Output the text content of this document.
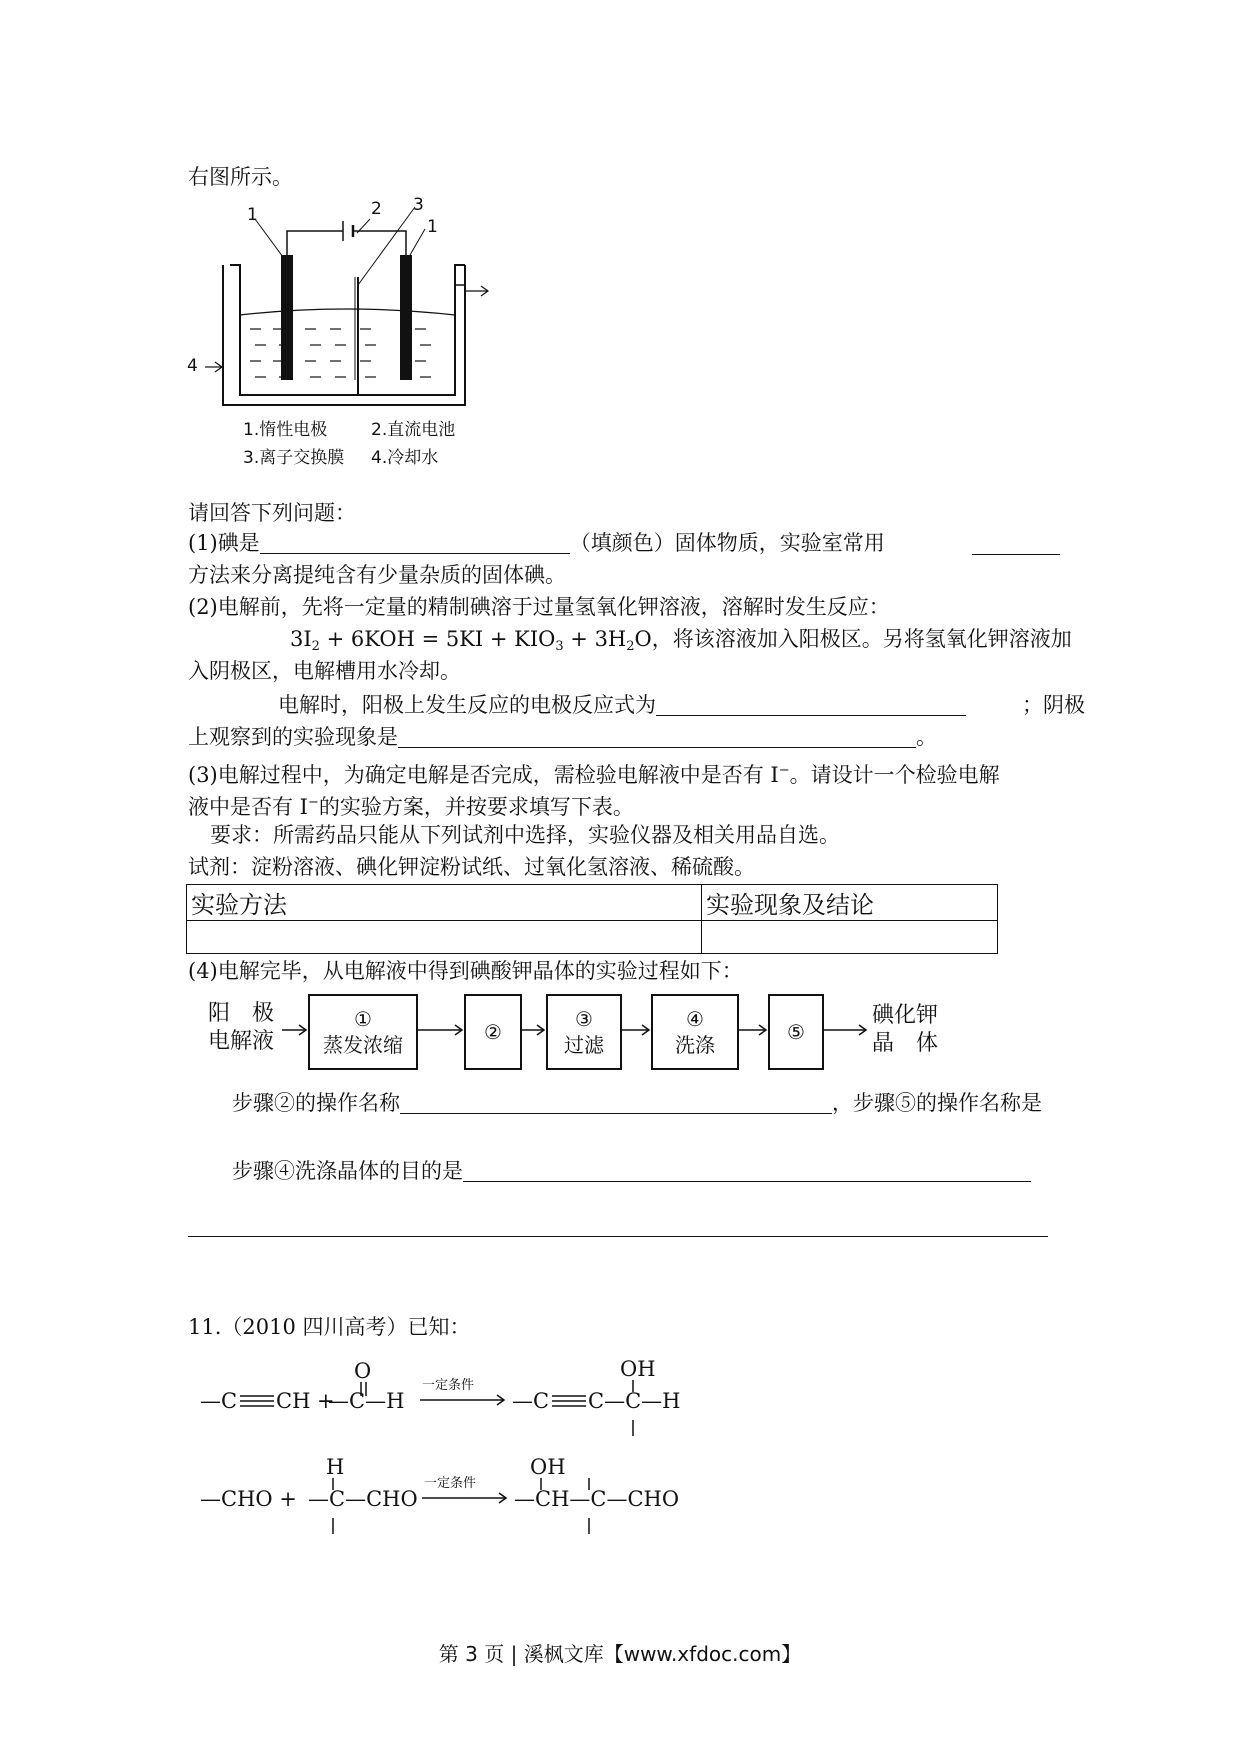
右图所示。
1
1
2 3
4
1.惰性电极	2.直流电池
3.离子交换膜 4.冷却水
请回答下列问题：
(1)碘是	（填颜色）固体物质，实验室常用
方法来分离提纯含有少量杂质的固体碘。
(2)电解前，先将一定量的精制碘溶于过量氢氧化钾溶液，溶解时发生反应：
$3I_2 + 6KOH = 5KI + KIO_3 + 3H_2O$，将该溶液加入阳极区。另将氢氧化钾溶液加
入阴极区，电解槽用水冷却。
电解时，阳极上发生反应的电极反应式为	；阴极
上观察到的实验现象是	。
(3)电解过程中，为确定电解是否完成，需检验电解液中是否有 I−。请设计一个检验电解
液中是否有 I−的实验方案，并按要求填写下表。
要求：所需药品只能从下列试剂中选择，实验仪器及相关用品自选。
试剂：淀粉溶液、碘化钾淀粉试纸、过氧化氢溶液、稀硫酸。
实验方法	实验现象及结论

(4)电解完毕，从电解液中得到碘酸钾晶体的实验过程如下：
阳　极
电解液
①
蒸发浓缩
②
③
过滤
④
洗涤
⑤
碘化钾
晶　体
步骤②的操作名称	，步骤⑤的操作名称是
步骤④洗涤晶体的目的是
11.（2010 四川高考）已知：
—C CH +
O
—C—H
一定条件
—C C—C—H
OH
—CHO +
H
—C—CHO
一定条件
OH
—CH—C—CHO
第 3 页 | 溪枫文库【www.xfdoc.com】
